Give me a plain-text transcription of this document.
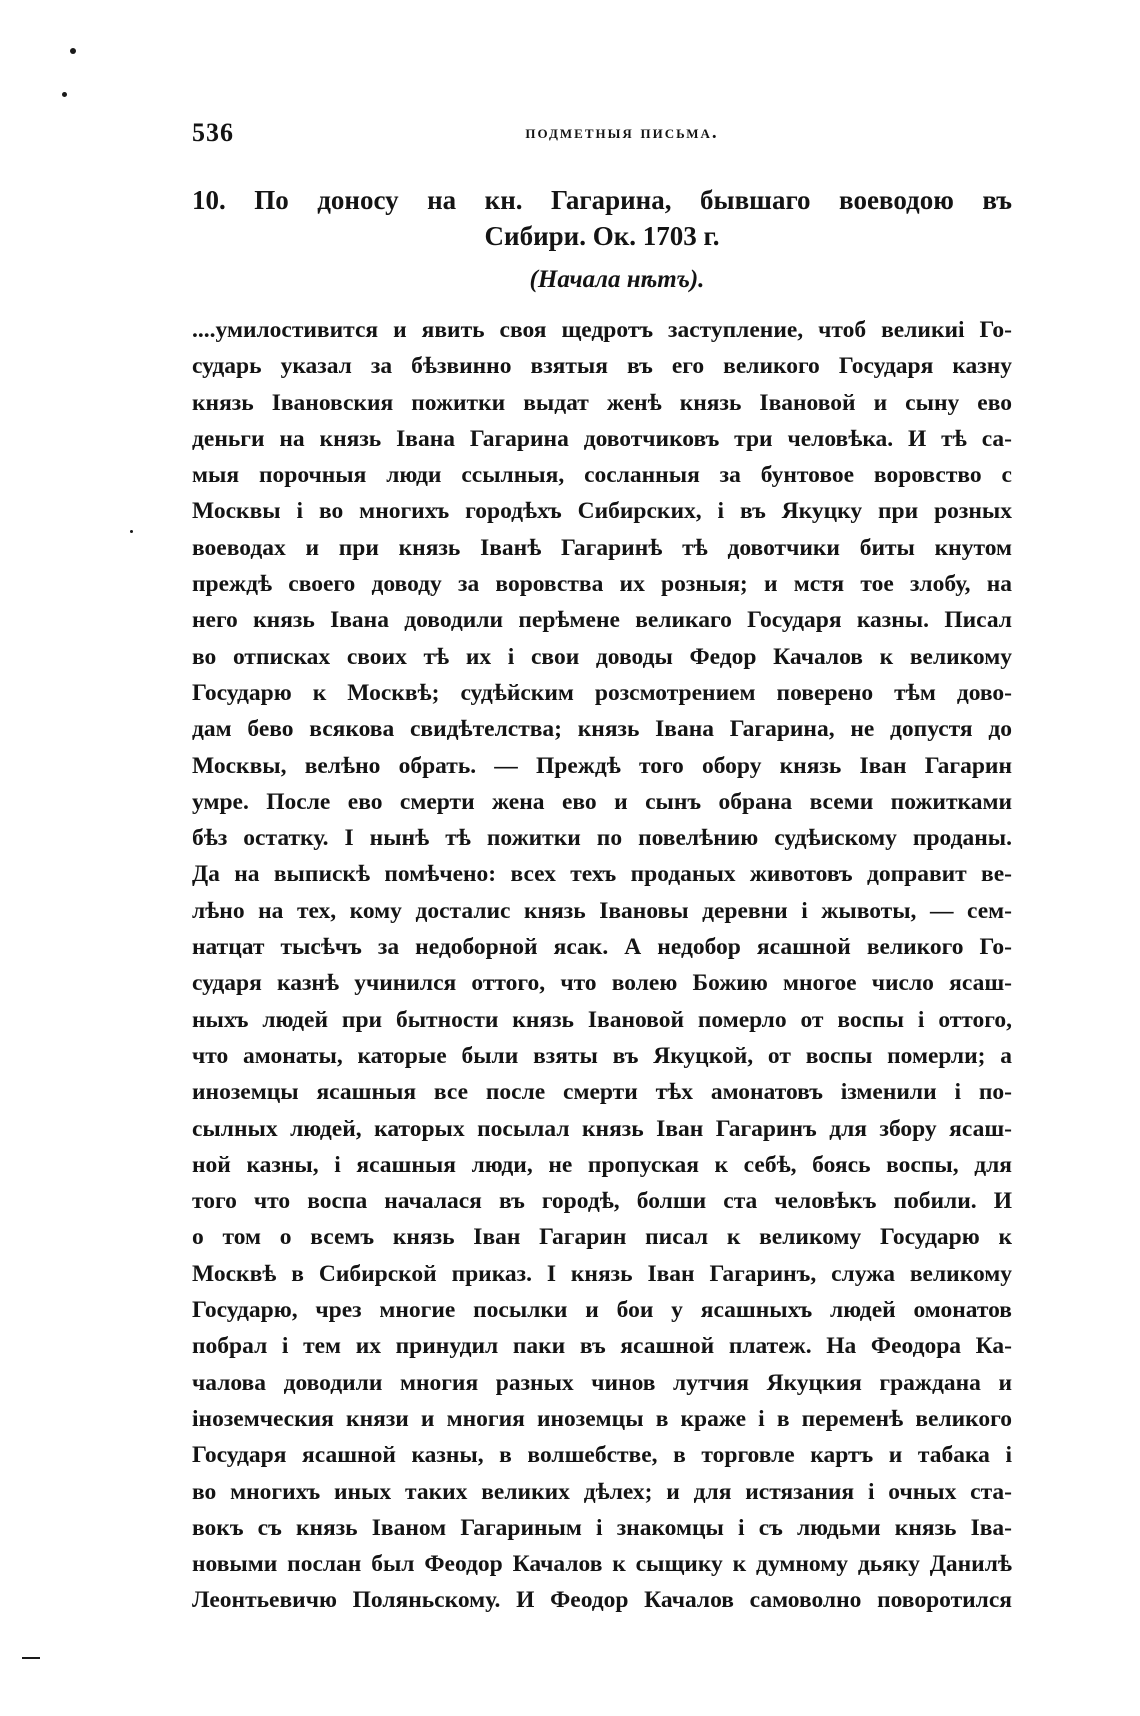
536	подметныя письма.
10. По доносу на кн. Гагарина, бывшаго воеводою въ
Сибири. Ок. 1703 г.
(Начала нѣтъ).
....умилостивится и явить своя щедротъ заступление, чтоб великиі Го-
сударь указал за бѣзвинно взятыя въ его великого Государя казну
князь Івановския пожитки выдат женѣ князь Івановой и сыну ево
деньги на князь Івана Гагарина довотчиковъ три человѣка. И тѣ са-
мыя порочныя люди ссылныя, сосланныя за бунтовое воровство с
Москвы і во многихъ городѣхъ Сибирских, і въ Якуцку при розных
воеводах и при князь Іванѣ Гагаринѣ тѣ довотчики биты кнутом
преждѣ своего доводу за воровства их розныя; и мстя тое злобу, на
него князь Івана доводили перѣмене великаго Государя казны. Писал
во отписках своих тѣ их і свои доводы Федор Качалов к великому
Государю к Москвѣ; судѣйским розсмотрением поверено тѣм дово-
дам бево всякова свидѣтелства; князь Івана Гагарина, не допустя до
Москвы, велѣно обрать. — Преждѣ того обору князь Іван Гагарин
умре. После ево смерти жена ево и сынъ обрана всеми пожитками
бѣз остатку. І нынѣ тѣ пожитки по повелѣнию судѣискому проданы.
Да на выпискѣ помѣчено: всех техъ проданых животовъ доправит ве-
лѣно на тех, кому досталис князь Івановы деревни і жывоты, — сем-
натцат тысѣчъ за недоборной ясак. А недобор ясашной великого Го-
сударя казнѣ учинился оттого, что волею Божию многое число ясаш-
ныхъ людей при бытности князь Івановой померло от воспы і оттого,
что амонаты, каторые были взяты въ Якуцкой, от воспы померли; а
иноземцы ясашныя все после смерти тѣх амонатовъ ізменили і по-
сылных людей, каторых посылал князь Іван Гагаринъ для збору ясаш-
ной казны, і ясашныя люди, не пропуская к себѣ, боясь воспы, для
того что воспа началася въ городѣ, болши ста человѣкъ побили. И
о том о всемъ князь Іван Гагарин писал к великому Государю к
Москвѣ в Сибирской приказ. І князь Іван Гагаринъ, служа великому
Государю, чрез многие посылки и бои у ясашныхъ людей омонатов
побрал і тем их принудил паки въ ясашной платеж. На Феодора Ка-
чалова доводили многия разных чинов лутчия Якуцкия граждана и
іноземческия князи и многия иноземцы в краже і в переменѣ великого
Государя ясашной казны, в волшебстве, в торговле картъ и табака і
во многихъ иных таких великих дѣлех; и для истязания і очных ста-
вокъ съ князь Іваном Гагариным і знакомцы і съ людьми князь Іва-
новыми послан был Феодор Качалов к сыщику к думному дьяку Данилѣ
Леонтьевичю Поляньскому. И Феодор Качалов самоволно поворотился
